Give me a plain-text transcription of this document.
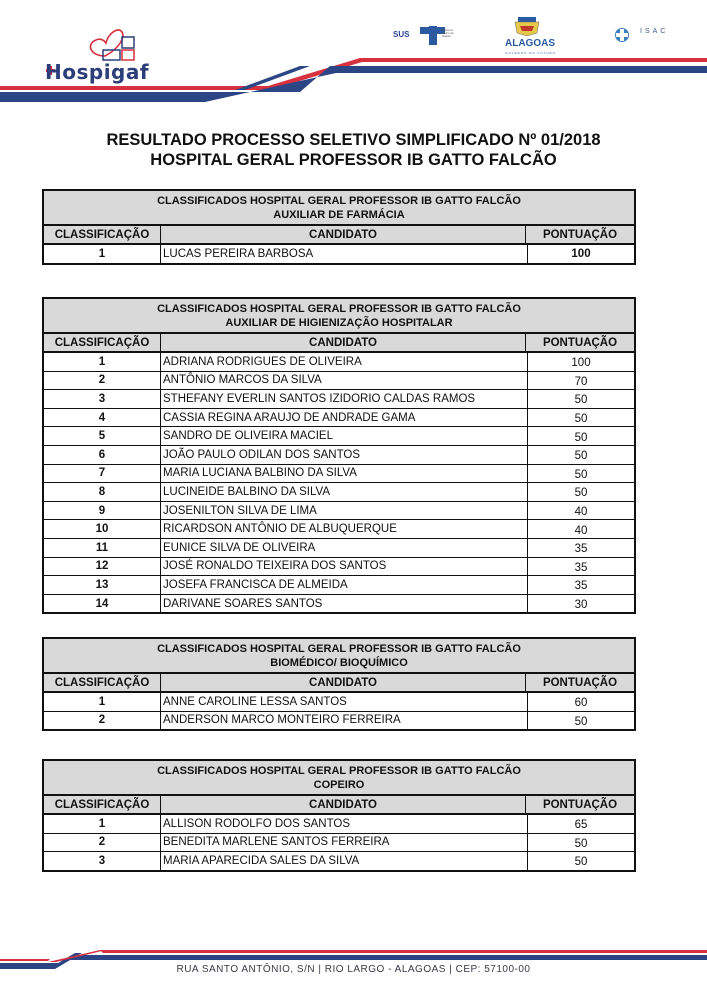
Hospigaf
SUS	Sistema Único de Saúde
ALAGOAS
GOVERNO DO FUTURO
ISAC
RESULTADO PROCESSO SELETIVO SIMPLIFICADO Nº 01/2018
HOSPITAL GERAL PROFESSOR IB GATTO FALCÃO
CLASSIFICADOS HOSPITAL GERAL PROFESSOR IB GATTO FALCÃO
AUXILIAR DE FARMÁCIA
CLASSIFICAÇÃO	CANDIDATO	PONTUAÇÃO
1	LUCAS PEREIRA BARBOSA	100
CLASSIFICADOS HOSPITAL GERAL PROFESSOR IB GATTO FALCÃO
AUXILIAR DE HIGIENIZAÇÃO HOSPITALAR
CLASSIFICAÇÃO	CANDIDATO	PONTUAÇÃO
1	ADRIANA RODRIGUES DE OLIVEIRA	100
2	ANTÔNIO MARCOS DA SILVA	70
3	STHEFANY EVERLIN SANTOS IZIDORIO CALDAS RAMOS	50
4	CASSIA REGINA ARAUJO DE ANDRADE GAMA	50
5	SANDRO DE OLIVEIRA MACIEL	50
6	JOÃO PAULO ODILAN DOS SANTOS	50
7	MARIA LUCIANA BALBINO DA SILVA	50
8	LUCINEIDE BALBINO DA SILVA	50
9	JOSENILTON SILVA DE LIMA	40
10	RICARDSON ANTÔNIO DE ALBUQUERQUE	40
11	EUNICE SILVA DE OLIVEIRA	35
12	JOSÉ RONALDO TEIXEIRA DOS SANTOS	35
13	JOSEFA FRANCISCA DE ALMEIDA	35
14	DARIVANE SOARES SANTOS	30
CLASSIFICADOS HOSPITAL GERAL PROFESSOR IB GATTO FALCÃO
BIOMÉDICO/ BIOQUÍMICO
CLASSIFICAÇÃO	CANDIDATO	PONTUAÇÃO
1	ANNE CAROLINE LESSA SANTOS	60
2	ANDERSON MARCO MONTEIRO FERREIRA	50
CLASSIFICADOS HOSPITAL GERAL PROFESSOR IB GATTO FALCÃO
COPEIRO
CLASSIFICAÇÃO	CANDIDATO	PONTUAÇÃO
1	ALLISON RODOLFO DOS SANTOS	65
2	BENEDITA MARLENE SANTOS FERREIRA	50
3	MARIA APARECIDA SALES DA SILVA	50
RUA SANTO ANTÔNIO, S/N | RIO LARGO - ALAGOAS | CEP: 57100-00
